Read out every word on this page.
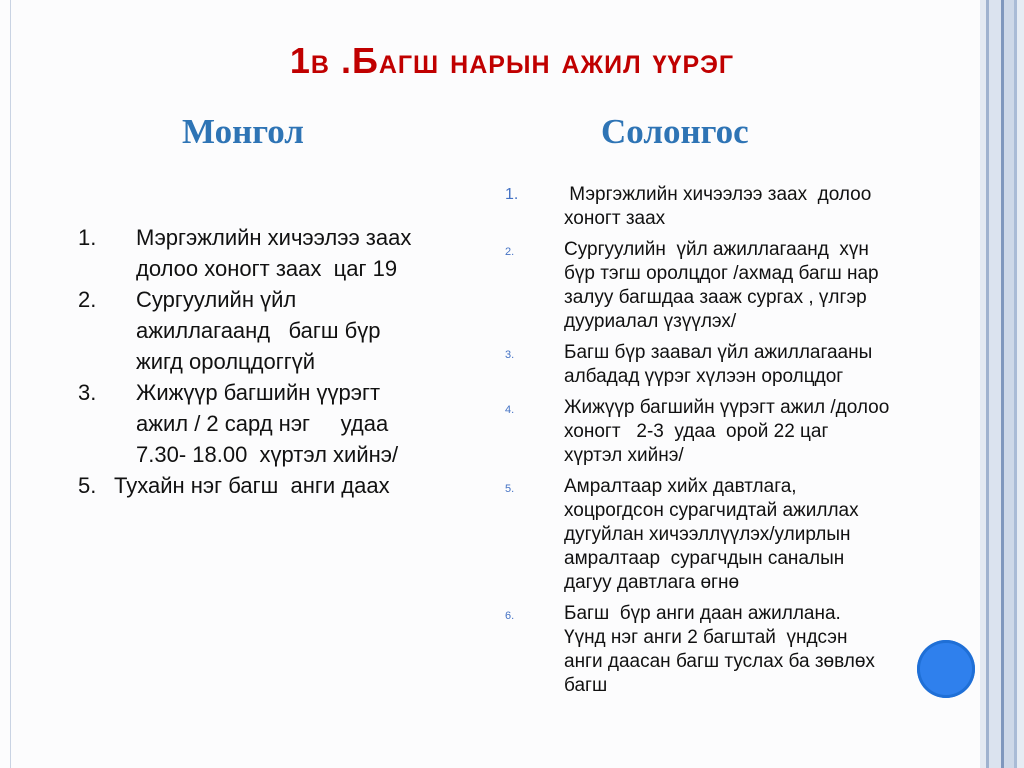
1в .Багш нарын ажил үүрэг
Монгол	Солонгос
1.	Мэргэжлийн хичээлээ заах
долоо хоногт заах  цаг 19
2.	Сургуулийн үйл
ажиллагаанд   багш бүр
жигд оролцдоггүй
3.	Жижүүр багшийн үүрэгт
ажил / 2 сард нэг     удаа
7.30- 18.00  хүртэл хийнэ/
5. Тухайн нэг багш  анги даах
1.	Мэргэжлийн хичээлээ заах  долоо
хоногт заах
2.	Сургуулийн  үйл ажиллагаанд  хүн
бүр тэгш оролцдог /ахмад багш нар
залуу багшдаа зааж сургах , үлгэр
дууриалал үзүүлэх/
3.	Багш бүр заавал үйл ажиллагааны
албадад үүрэг хүлээн оролцдог
4.	Жижүүр багшийн үүрэгт ажил /долоо
хоногт   2-3  удаа  орой 22 цаг
хүртэл хийнэ/
5.	Амралтаар хийх давтлага,
хоцрогдсон сурагчидтай ажиллах
дугуйлан хичээллүүлэх/улирлын
амралтаар  сурагчдын саналын
дагуу давтлага өгнө
6.	Багш  бүр анги даан ажиллана.
Үүнд нэг анги 2 багштай  үндсэн
анги даасан багш туслах ба зөвлөх
багш
